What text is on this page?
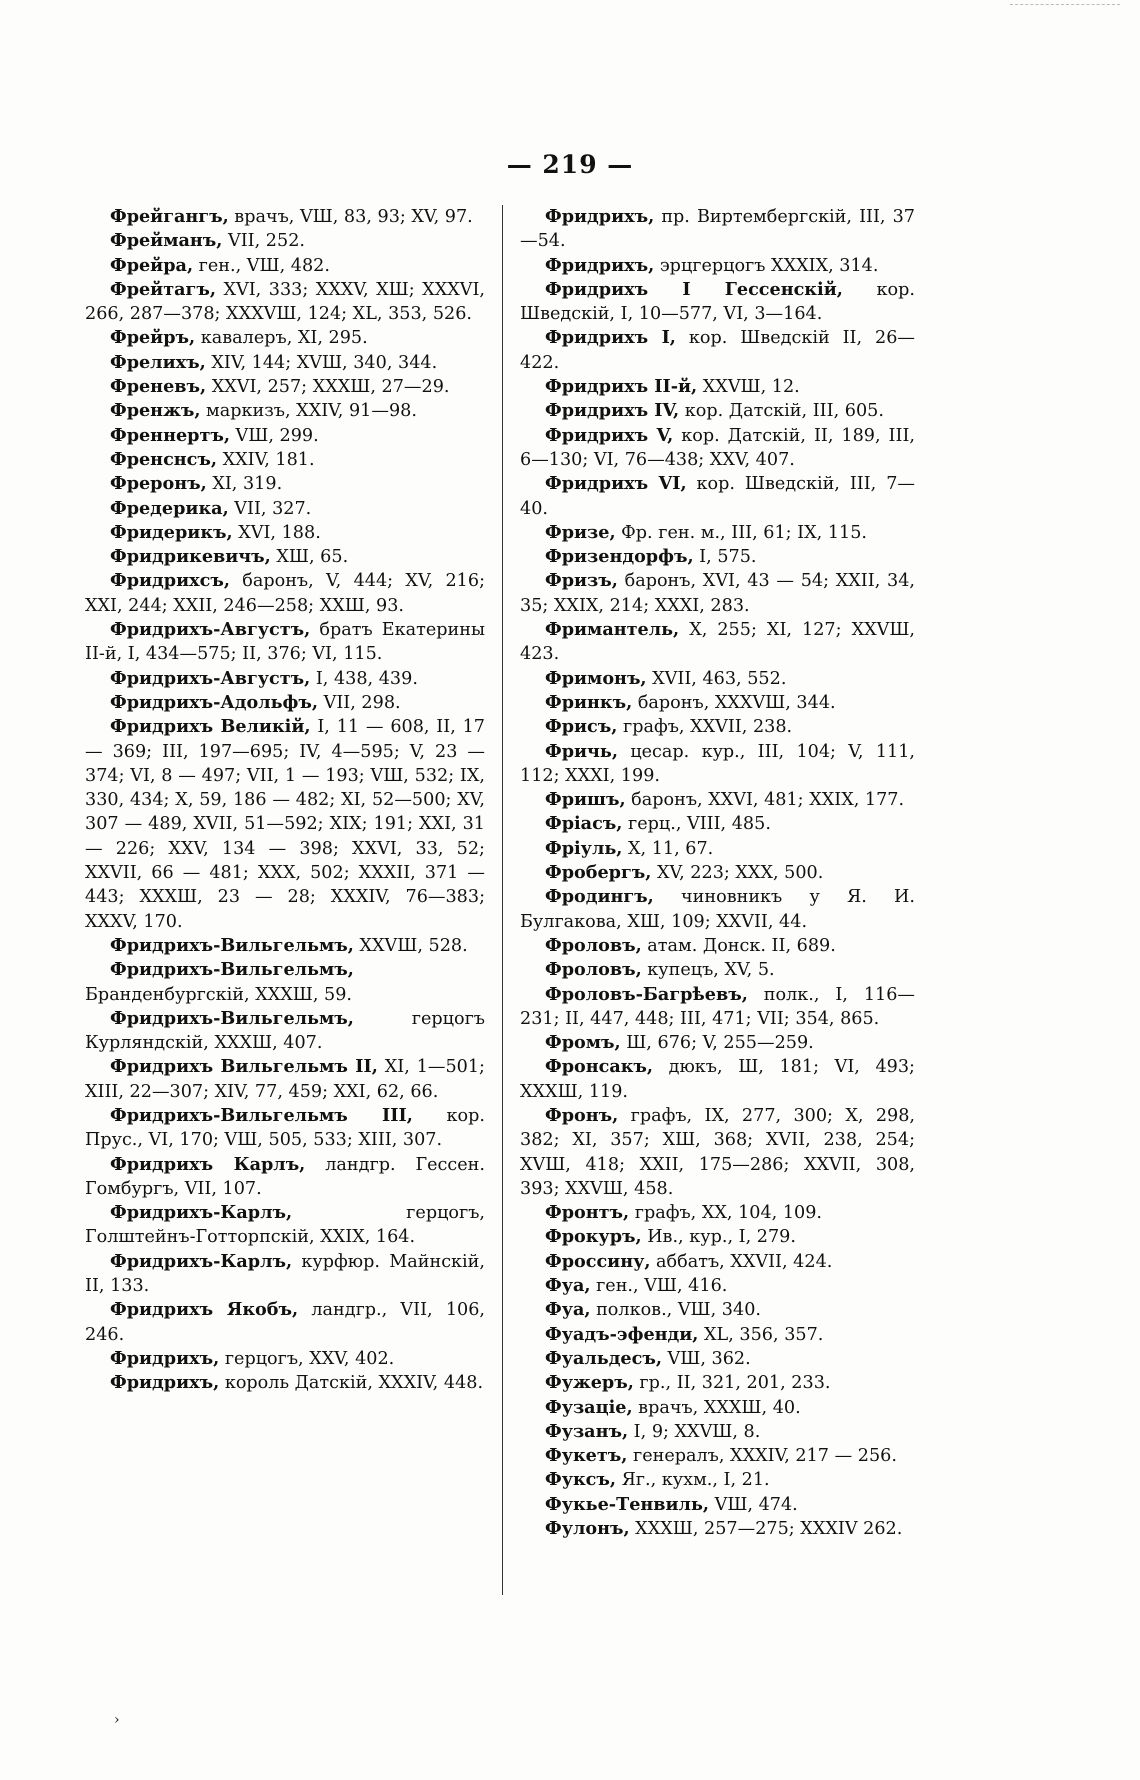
— 219 —

Фрейгангъ, врачъ, VШ, 83, 93; XV, 97.

Фрейманъ, VII, 252.

Фрейра, ген., VШ, 482.

Фрейтагъ, XVI, 333; XXXV, XШ; XXXVI, 266, 287—378; XXXVШ, 124; XL, 353, 526.

Фрейръ, кавалеръ, XI, 295.

Фрелихъ, XIV, 144; XVШ, 340, 344.

Френевъ, XXVI, 257; XXXШ, 27—29.

Френжъ, маркизъ, XXIV, 91—98.

Френнертъ, VШ, 299.

Френснсъ, XXIV, 181.

Фреронъ, XI, 319.

Фредерика, VII, 327.

Фридерикъ, XVI, 188.

Фридрикевичъ, XШ, 65.

Фридрихсъ, баронъ, V, 444; XV, 216; XXI, 244; XXII, 246—258; XXШ, 93.

Фридрихъ-Августъ, братъ Екатерины II-й, I, 434—575; II, 376; VI, 115.

Фридрихъ-Августъ, I, 438, 439.

Фридрихъ-Адольфъ, VII, 298.

Фридрихъ Великій, I, 11 — 608, II, 17 — 369; III, 197—695; IV, 4—595; V, 23 — 374; VI, 8 — 497; VII, 1 — 193; VШ, 532; IX, 330, 434; X, 59, 186 — 482; XI, 52—500; XV, 307 — 489, XVII, 51—592; XIX; 191; XXI, 31 — 226; XXV, 134 — 398; XXVI, 33, 52; XXVII, 66 — 481; XXX, 502; XXXII, 371 — 443; XXXШ, 23 — 28; XXXIV, 76—383; XXXV, 170.

Фридрихъ-Вильгельмъ, XXVШ, 528.

Фридрихъ-Вильгельмъ, Бранденбургскій, XXXШ, 59.

Фридрихъ-Вильгельмъ, герцогъ Курляндскій, XXXШ, 407.

Фридрихъ Вильгельмъ II, XI, 1—501; XIII, 22—307; XIV, 77, 459; XXI, 62, 66.

Фридрихъ-Вильгельмъ III, кор. Прус., VI, 170; VШ, 505, 533; XIII, 307.

Фридрихъ Карлъ, ландгр. Гессен. Гомбургъ, VII, 107.

Фридрихъ-Карлъ, герцогъ, Голштейнъ-Готторпскій, XXIX, 164.

Фридрихъ-Карлъ, курфюр. Майнскій, II, 133.

Фридрихъ Якобъ, ландгр., VII, 106, 246.

Фридрихъ, герцогъ, XXV, 402.

Фридрихъ, король Датскій, XXXIV, 448.

Фридрихъ, пр. Виртембергскій, III, 37—54.

Фридрихъ, эрцгерцогъ XXXIX, 314.

Фридрихъ I Гессенскій, кор. Шведскій, I, 10—577, VI, 3—164.

Фридрихъ I, кор. Шведскій II, 26—422.

Фридрихъ II-й, XXVШ, 12.

Фридрихъ IV, кор. Датскій, III, 605.

Фридрихъ V, кор. Датскій, II, 189, III, 6—130; VI, 76—438; XXV, 407.

Фридрихъ VI, кор. Шведскій, III, 7—40.

Фризе, Фр. ген. м., III, 61; IX, 115.

Фризендорфъ, I, 575.

Фризъ, баронъ, XVI, 43 — 54; XXII, 34, 35; XXIX, 214; XXXI, 283.

Фримантель, X, 255; XI, 127; XXVШ, 423.

Фримонъ, XVII, 463, 552.

Фринкъ, баронъ, XXXVШ, 344.

Фрисъ, графъ, XXVII, 238.

Фричь, цесар. кур., III, 104; V, 111, 112; XXXI, 199.

Фришъ, баронъ, XXVI, 481; XXIX, 177.

Фріасъ, герц., VIII, 485.

Фріуль, X, 11, 67.

Фробергъ, XV, 223; XXX, 500.

Фродингъ, чиновникъ у Я. И. Булгакова, XШ, 109; XXVII, 44.

Фроловъ, атам. Донск. II, 689.

Фроловъ, купецъ, XV, 5.

Фроловъ-Багрѣевъ, полк., I, 116—231; II, 447, 448; III, 471; VII; 354, 865.

Фромъ, Ш, 676; V, 255—259.

Фронсакъ, дюкъ, Ш, 181; VI, 493; XXXШ, 119.

Фронъ, графъ, IX, 277, 300; X, 298, 382; XI, 357; XШ, 368; XVII, 238, 254; XVШ, 418; XXII, 175—286; XXVII, 308, 393; XXVШ, 458.

Фронтъ, графъ, XX, 104, 109.

Фрокуръ, Ив., кур., I, 279.

Фроссину, аббатъ, XXVII, 424.

Фуа, ген., VШ, 416.

Фуа, полков., VШ, 340.

Фуадъ-эфенди, XL, 356, 357.

Фуальдесъ, VШ, 362.

Фужеръ, гр., II, 321, 201, 233.

Фузаціе, врачъ, XXXШ, 40.

Фузанъ, I, 9; XXVШ, 8.

Фукетъ, генералъ, XXXIV, 217 — 256.

Фуксъ, Яг., кухм., I, 21.

Фукье-Тенвиль, VШ, 474.

Фулонъ, XXXШ, 257—275; XXXIV 262.

›
